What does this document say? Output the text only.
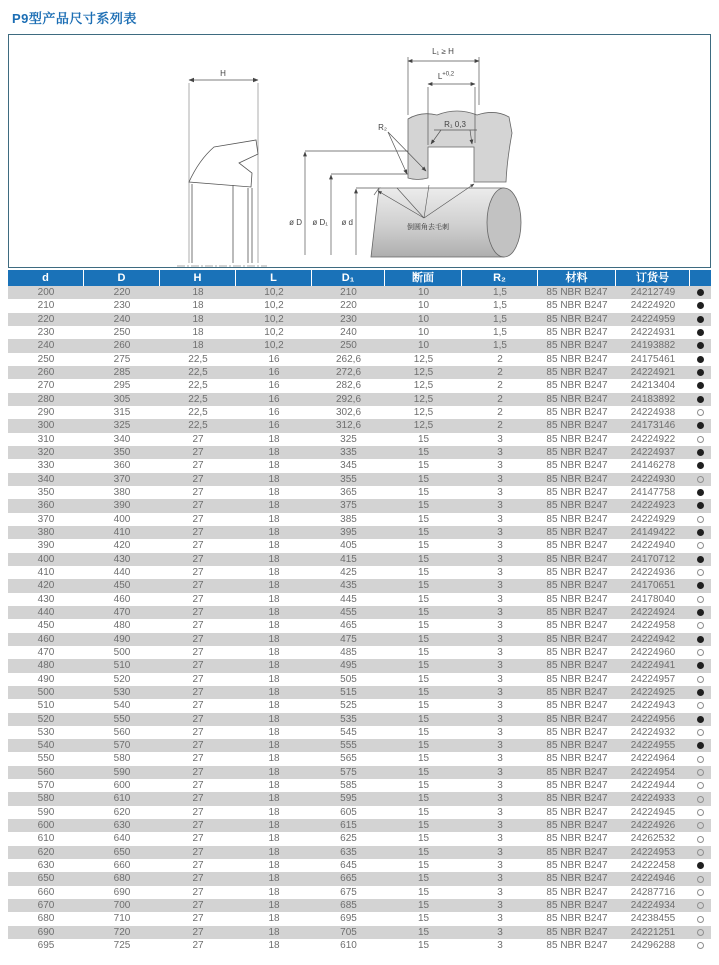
P9型产品尺寸系列表
H
ø D ø D₁ ø d
L₁ ≥ H
$L^{+0,2}$
R₁ 0,3
R₂
倒圆角去毛刺
d	D	H	L	D₁	断面	R₂	材料	订货号
200	220	18	10,2	210	10	1,5	85 NBR B247	24212749
210	230	18	10,2	220	10	1,5	85 NBR B247	24224920
220	240	18	10,2	230	10	1,5	85 NBR B247	24224959
230	250	18	10,2	240	10	1,5	85 NBR B247	24224931
240	260	18	10,2	250	10	1,5	85 NBR B247	24193882
250	275	22,5	16	262,6	12,5	2	85 NBR B247	24175461
260	285	22,5	16	272,6	12,5	2	85 NBR B247	24224921
270	295	22,5	16	282,6	12,5	2	85 NBR B247	24213404
280	305	22,5	16	292,6	12,5	2	85 NBR B247	24183892
290	315	22,5	16	302,6	12,5	2	85 NBR B247	24224938
300	325	22,5	16	312,6	12,5	2	85 NBR B247	24173146
310	340	27	18	325	15	3	85 NBR B247	24224922
320	350	27	18	335	15	3	85 NBR B247	24224937
330	360	27	18	345	15	3	85 NBR B247	24146278
340	370	27	18	355	15	3	85 NBR B247	24224930
350	380	27	18	365	15	3	85 NBR B247	24147758
360	390	27	18	375	15	3	85 NBR B247	24224923
370	400	27	18	385	15	3	85 NBR B247	24224929
380	410	27	18	395	15	3	85 NBR B247	24149422
390	420	27	18	405	15	3	85 NBR B247	24224940
400	430	27	18	415	15	3	85 NBR B247	24170712
410	440	27	18	425	15	3	85 NBR B247	24224936
420	450	27	18	435	15	3	85 NBR B247	24170651
430	460	27	18	445	15	3	85 NBR B247	24178040
440	470	27	18	455	15	3	85 NBR B247	24224924
450	480	27	18	465	15	3	85 NBR B247	24224958
460	490	27	18	475	15	3	85 NBR B247	24224942
470	500	27	18	485	15	3	85 NBR B247	24224960
480	510	27	18	495	15	3	85 NBR B247	24224941
490	520	27	18	505	15	3	85 NBR B247	24224957
500	530	27	18	515	15	3	85 NBR B247	24224925
510	540	27	18	525	15	3	85 NBR B247	24224943
520	550	27	18	535	15	3	85 NBR B247	24224956
530	560	27	18	545	15	3	85 NBR B247	24224932
540	570	27	18	555	15	3	85 NBR B247	24224955
550	580	27	18	565	15	3	85 NBR B247	24224964
560	590	27	18	575	15	3	85 NBR B247	24224954
570	600	27	18	585	15	3	85 NBR B247	24224944
580	610	27	18	595	15	3	85 NBR B247	24224933
590	620	27	18	605	15	3	85 NBR B247	24224945
600	630	27	18	615	15	3	85 NBR B247	24224926
610	640	27	18	625	15	3	85 NBR B247	24262532
620	650	27	18	635	15	3	85 NBR B247	24224953
630	660	27	18	645	15	3	85 NBR B247	24222458
650	680	27	18	665	15	3	85 NBR B247	24224946
660	690	27	18	675	15	3	85 NBR B247	24287716
670	700	27	18	685	15	3	85 NBR B247	24224934
680	710	27	18	695	15	3	85 NBR B247	24238455
690	720	27	18	705	15	3	85 NBR B247	24221251
695	725	27	18	610	15	3	85 NBR B247	24296288
